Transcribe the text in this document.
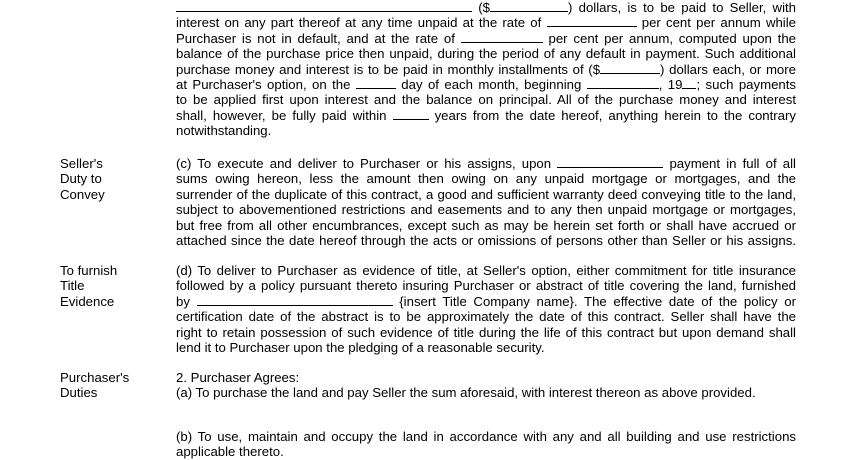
($	) dollars, is to be paid to Seller, with
interest on any part thereof at any time unpaid at the rate of	per cent per annum while
Purchaser is not in default, and at the rate of	per cent per annum, computed upon the
balance of the purchase price then unpaid, during the period of any default in payment. Such additional
purchase money and interest is to be paid in monthly installments of ($	) dollars each, or more
at Purchaser's option, on the	day of each month, beginning	, 19 ; such payments
to be applied first upon interest and the balance on principal. All of the purchase money and interest
shall, however, be fully paid within	years from the date hereof, anything herein to the contrary
notwithstanding.
Seller's
Duty to
Convey
(c) To execute and deliver to Purchaser or his assigns, upon	payment in full of all
sums owing hereon, less the amount then owing on any unpaid mortgage or mortgages, and the
surrender of the duplicate of this contract, a good and sufficient warranty deed conveying title to the land,
subject to abovementioned restrictions and easements and to any then unpaid mortgage or mortgages,
but free from all other encumbrances, except such as may be herein set forth or shall have accrued or
attached since the date hereof through the acts or omissions of persons other than Seller or his assigns.
To furnish
Title
Evidence
(d) To deliver to Purchaser as evidence of title, at Seller's option, either commitment for title insurance
followed by a policy pursuant thereto insuring Purchaser or abstract of title covering the land, furnished
by	{insert Title Company name}. The effective date of the policy or
certification date of the abstract is to be approximately the date of this contract. Seller shall have the
right to retain possession of such evidence of title during the life of this contract but upon demand shall
lend it to Purchaser upon the pledging of a reasonable security.
Purchaser's
Duties
2. Purchaser Agrees:
(a) To purchase the land and pay Seller the sum aforesaid, with interest thereon as above provided.
(b) To use, maintain and occupy the land in accordance with any and all building and use restrictions
applicable thereto.
